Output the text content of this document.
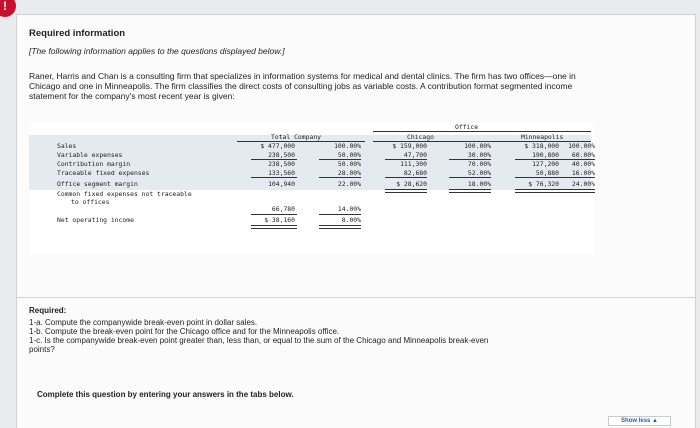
!
Required information
[The following information applies to the questions displayed below.]
Raner, Harris and Chan is a consulting firm that specializes in information systems for medical and dental clinics. The firm has two offices—one in Chicago and one in Minneapolis. The firm classifies the direct costs of consulting jobs as variable costs. A contribution format segmented income statement for the company's most recent year is given:
Office
Total Company	Chicago	Minneapolis
Sales	$ 477,000	100.00%	$ 159,000	100.00%	$ 318,000	100.00%
Variable expenses	238,500	50.00%	47,700	30.00%	190,800	60.00%
Contribution margin	238,500	50.00%	111,300	70.00%	127,200	40.00%
Traceable fixed expenses	133,560	28.00%	82,680	52.00%	50,880	16.00%
Office segment margin	104,940	22.00%	$ 28,620	18.00%	$ 76,320	24.00%
Common fixed expenses not traceable
to offices
66,780	14.00%
Net operating income	$ 38,160	8.00%
Required:
1-a. Compute the companywide break-even point in dollar sales.
1-b. Compute the break-even point for the Chicago office and for the Minneapolis office.
1-c. Is the companywide break-even point greater than, less than, or equal to the sum of the Chicago and Minneapolis break-even
points?
Complete this question by entering your answers in the tabs below.
Show less ▲
